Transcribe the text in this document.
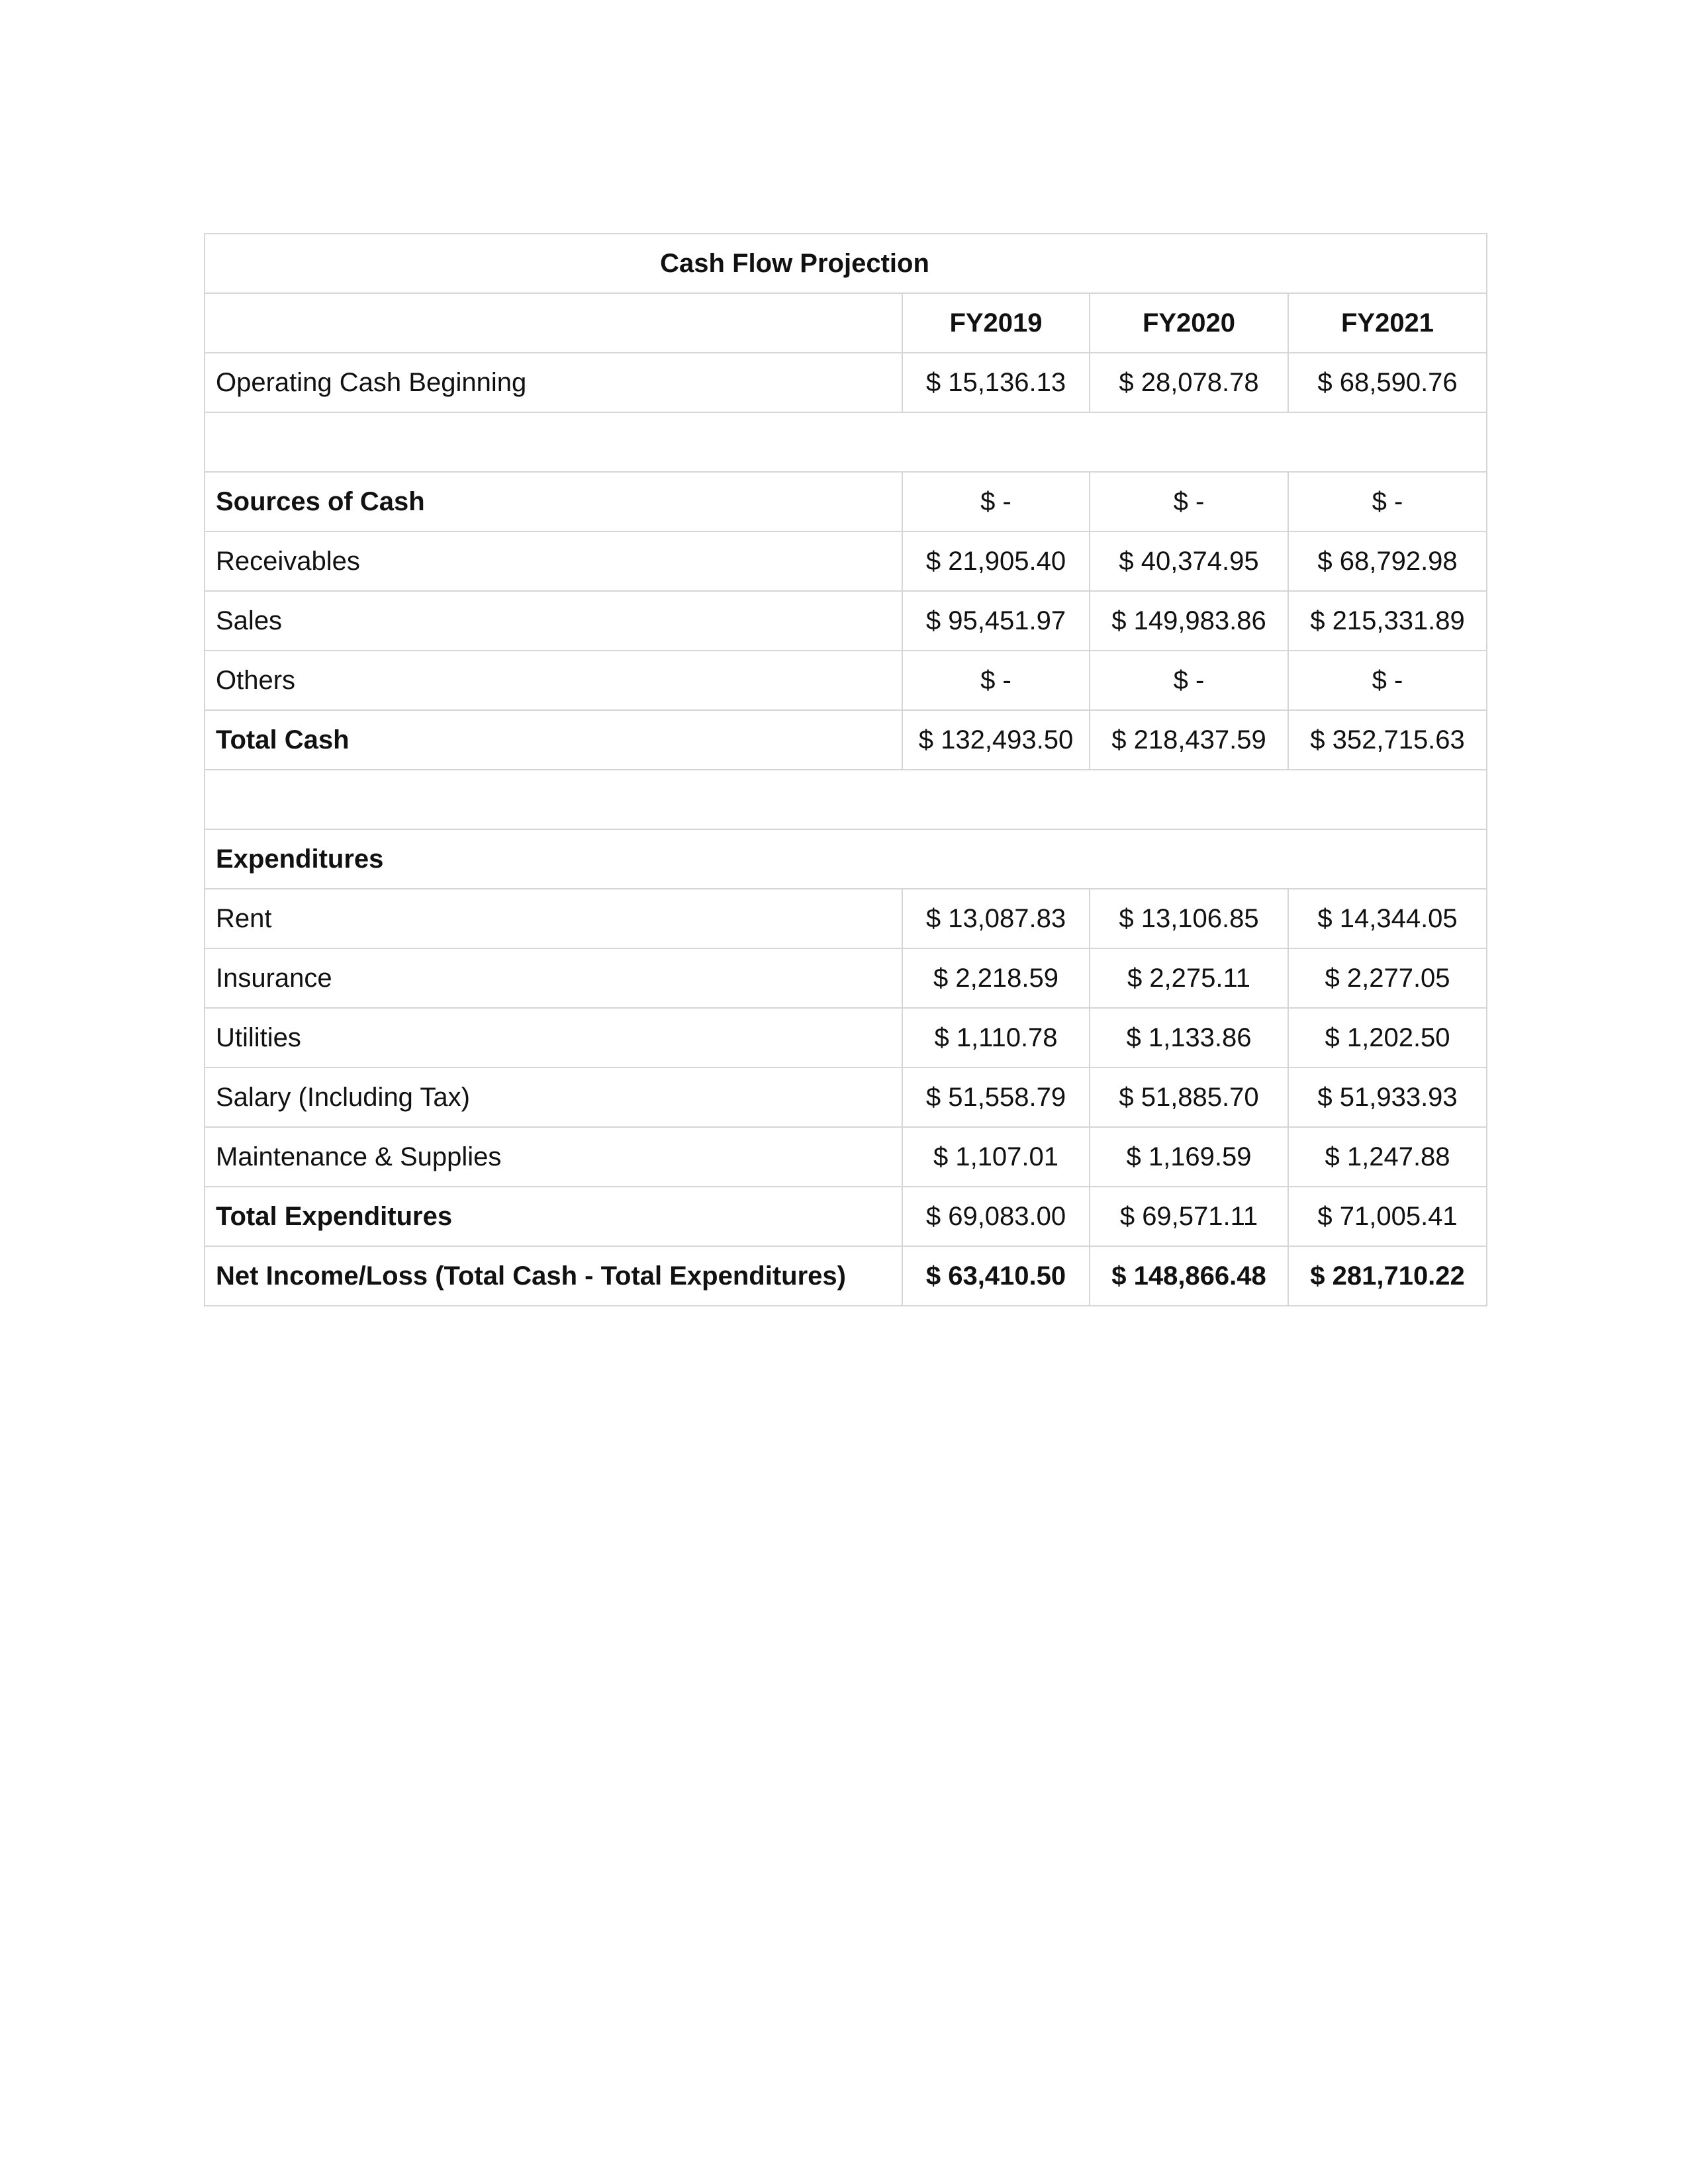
Cash Flow Projection			
	FY2019	FY2020	FY2021
Operating Cash Beginning	$ 15,136.13	$ 28,078.78	$ 68,590.76

Sources of Cash	$ -	$ -	$ -
Receivables	$ 21,905.40	$ 40,374.95	$ 68,792.98
Sales	$ 95,451.97	$ 149,983.86	$ 215,331.89
Others	$ -	$ -	$ -
Total Cash	$ 132,493.50	$ 218,437.59	$ 352,715.63

Expenditures			
Rent	$ 13,087.83	$ 13,106.85	$ 14,344.05
Insurance	$ 2,218.59	$ 2,275.11	$ 2,277.05
Utilities	$ 1,110.78	$ 1,133.86	$ 1,202.50
Salary (Including Tax)	$ 51,558.79	$ 51,885.70	$ 51,933.93
Maintenance & Supplies	$ 1,107.01	$ 1,169.59	$ 1,247.88
Total Expenditures	$ 69,083.00	$ 69,571.11	$ 71,005.41
Net Income/Loss (Total Cash - Total Expenditures)	$ 63,410.50	$ 148,866.48	$ 281,710.22
